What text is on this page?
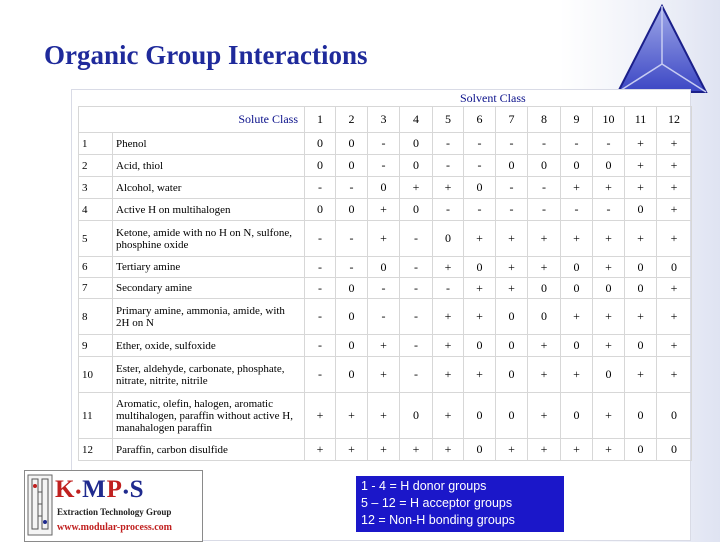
Organic Group Interactions
Solvent Class
Solute Class		1	2	3	4	5	6	7	8	9	10	11	12
1	Phenol	0	0	-	0	-	-	-	-	-	-	+	+
2	Acid, thiol	0	0	-	0	-	-	0	0	0	0	+	+
3	Alcohol, water	-	-	0	+	+	0	-	-	+	+	+	+
4	Active H on multihalogen	0	0	+	0	-	-	-	-	-	-	0	+
5	Ketone, amide with no H on N, sulfone, phosphine oxide	-	-	+	-	0	+	+	+	+	+	+	+
6	Tertiary amine	-	-	0	-	+	0	+	+	0	+	0	0
7	Secondary amine	-	0	-	-	-	+	+	0	0	0	0	+
8	Primary amine, ammonia, amide, with 2H on N	-	0	-	-	+	+	0	0	+	+	+	+
9	Ether, oxide, sulfoxide	-	0	+	-	+	0	0	+	0	+	0	+
10	Ester, aldehyde, carbonate, phosphate, nitrate, nitrite, nitrile	-	0	+	-	+	+	0	+	+	0	+	+
11	Aromatic, olefin, halogen, aromatic multihalogen, paraffin without active H, manahalogen paraffin	+	+	+	0	+	0	0	+	0	+	0	0
12	Paraffin, carbon disulfide	+	+	+	+	+	0	+	+	+	+	0	0
K•MP•S
Extraction Technology Group
www.modular-process.com
1 - 4 = H donor groups
5 – 12 = H acceptor groups
12 = Non-H bonding groups
